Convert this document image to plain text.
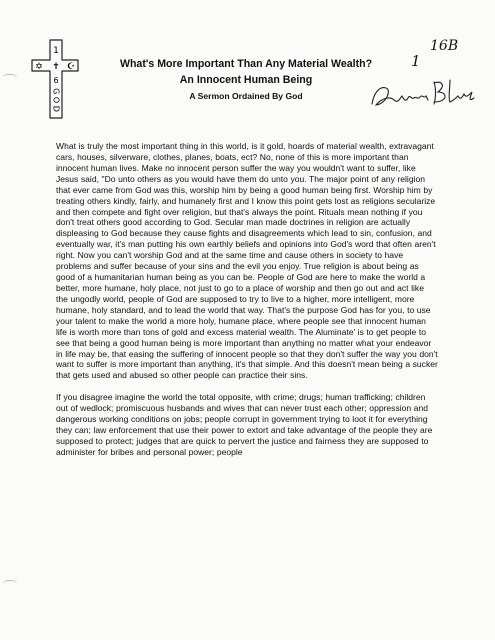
1
✡ ✝ ☪
6
G O D
What's More Important Than Any Material Wealth?
An Innocent Human Being
A Sermon Ordained By God
16B
1

What is truly the most important thing in this world, is it gold, hoards of material wealth, extravagant cars, houses, silverware, clothes, planes, boats, ect? No, none of this is more important than innocent human lives. Make no innocent person suffer the way you wouldn't want to suffer, like Jesus said, "Do unto others as you would have them do unto you. The major point of any religion that ever came from God was this, worship him by being a good human being first. Worship him by treating others kindly, fairly, and humanely first and I know this point gets lost as religions secularize and then compete and fight over religion, but that's always the point. Rituals mean nothing if you don't treat others good according to God. Secular man made doctrines in religion are actually displeasing to God because they cause fights and disagreements which lead to sin, confusion, and eventually war, it's man putting his own earthly beliefs and opinions into God's word that often aren't right. Now you can't worship God and at the same time and cause others in society to have problems and suffer because of your sins and the evil you enjoy. True religion is about being as good of a humanitarian human being as you can be. People of God are here to make the world a better, more humane, holy place, not just to go to a place of worship and then go out and act like the ungodly world, people of God are supposed to try to live to a higher, more intelligent, more humane, holy standard, and to lead the world that way. That's the purpose God has for you, to use your talent to make the world a more holy, humane place, where people see that innocent human life is worth more than tons of gold and excess material wealth. The Aluminate' is to get people to see that being a good human being is more important than anything no matter what your endeavor in life may be, that easing the suffering of innocent people so that they don't suffer the way you don't want to suffer is more important than anything, it's that simple. And this doesn't mean being a sucker that gets used and abused so other people can practice their sins.

If you disagree imagine the world the total opposite, with crime; drugs; human trafficking; children out of wedlock; promiscuous husbands and wives that can never trust each other; oppression and dangerous working conditions on jobs; people corrupt in government trying to loot it for everything they can; law enforcement that use their power to extort and take advantage of the people they are supposed to protect; judges that are quick to pervert the justice and fairness they are supposed to administer for bribes and personal power; people
